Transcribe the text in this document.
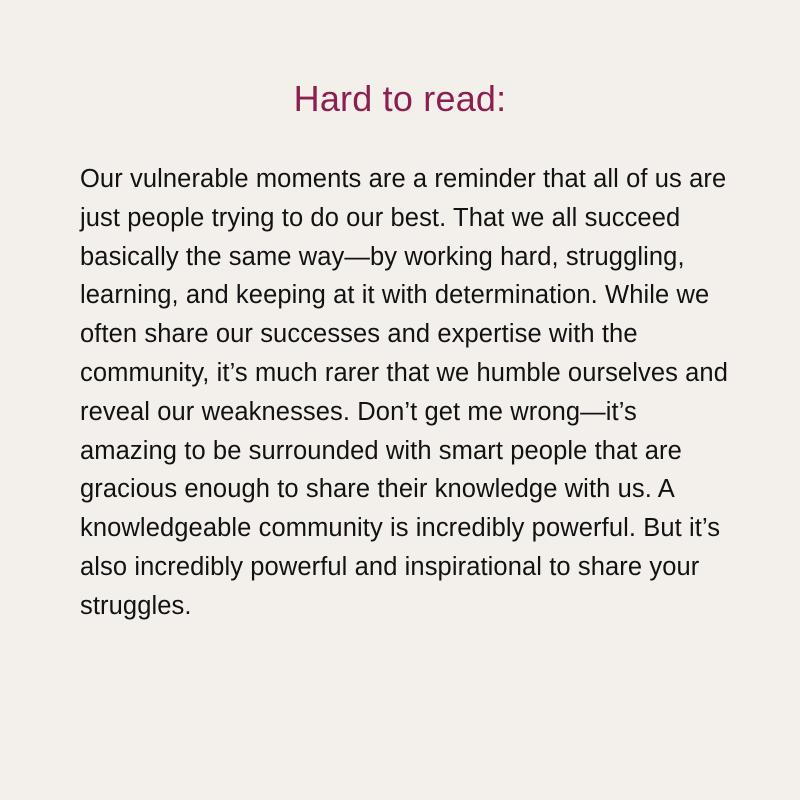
Hard to read:

Our vulnerable moments are a reminder that all of us are just people trying to do our best. That we all succeed basically the same way—by working hard, struggling, learning, and keeping at it with determination. While we often share our successes and expertise with the community, it’s much rarer that we humble ourselves and reveal our weaknesses. Don’t get me wrong—it’s amazing to be surrounded with smart people that are gracious enough to share their knowledge with us. A knowledgeable community is incredibly powerful. But it’s also incredibly powerful and inspirational to share your struggles.
